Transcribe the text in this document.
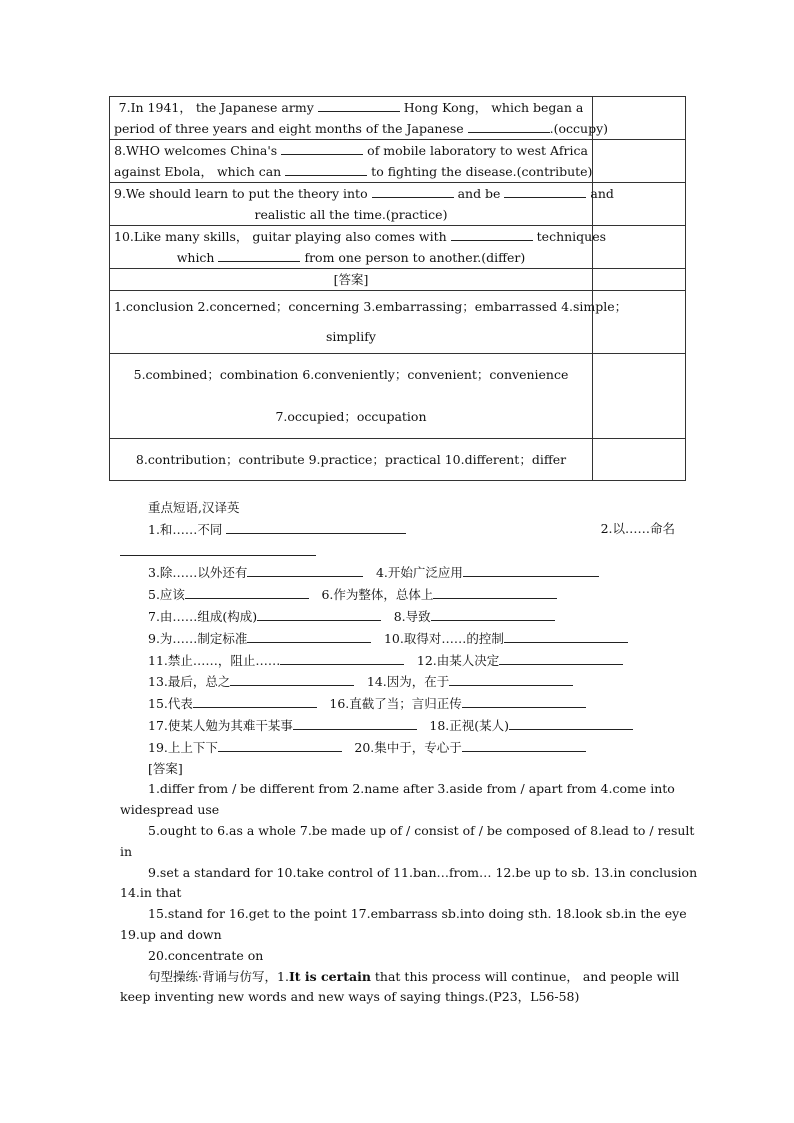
7.In 1941， the Japanese army Hong Kong， which began a
period of three years and eight months of the Japanese .(occupy)	

8.WHO welcomes China's of mobile laboratory to west Africa
against Ebola， which can to fighting the disease.(contribute)	

9.We should learn to put the theory into and be and
realistic all the time.(practice)	

10.Like many skills， guitar playing also comes with techniques
which from one person to another.(differ)	

[答案]	

1.conclusion 2.concerned；concerning 3.embarrassing；embarrassed 4.simple；
simplify	

5.combined；combination 6.conveniently；convenient；convenience
7.occupied；occupation	

8.contribution；contribute 9.practice；practical 10.different；differ	

重点短语,汉译英
1.和……不同	2.以……命名
3.除……以外还有　	4.开始广泛应用
5.应该　	6.作为整体，总体上
7.由……组成(构成)　	8.导致
9.为……制定标准　	10.取得对……的控制
11.禁止……，阻止……　	12.由某人决定
13.最后，总之　	14.因为，在于
15.代表　	16.直截了当；言归正传
17.使某人勉为其难干某事　	18.正视(某人)
19.上上下下　	20.集中于，专心于
[答案]
1.differ from / be different from 2.name after 3.aside from / apart from 4.come into
widespread use
5.ought to 6.as a whole 7.be made up of / consist of / be composed of 8.lead to / result
in
9.set a standard for 10.take control of 11.ban…from… 12.be up to sb. 13.in conclusion
14.in that
15.stand for 16.get to the point 17.embarrass sb.into doing sth. 18.look sb.in the eye
19.up and down
20.concentrate on
句型操练·背诵与仿写，1.It is certain that this process will continue， and people will
keep inventing new words and new ways of saying things.(P23，L56-58)
